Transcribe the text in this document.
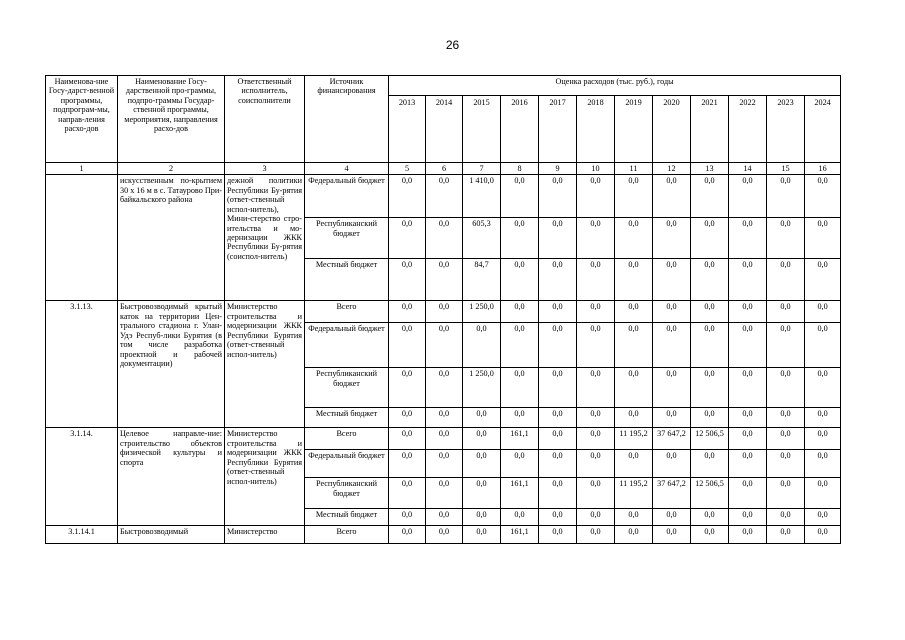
26
Наименова-ние Госу-дарст-венной программы, подпрограм-мы, направ-ления расхо-дов	Наименование Госу-дарственной про-граммы, подпро-граммы Государ-ственной программы, мероприятия, направления расхо-дов	Ответственный исполнитель, соисполнители	Источник финансирования	Оценка расходов (тыс. руб.), годы											
				2013	2014	2015	2016	2017	2018	2019	2020	2021	2022	2023	2024
1	2	3	4	5	6	7	8	9	10	11	12	13	14	15	16
	искусственным по-крытием 30 х 16 м в с. Татаурово При-байкальского района	дежной политики Республики Бу-рятия (ответ-ственный испол-нитель), Мини-стерство стро-ительства и мо-дернизации ЖКК Республики Бу-рятия (соиспол-нитель)	Федеральный бюджет	0,0	0,0	1 410,0	0,0	0,0	0,0	0,0	0,0	0,0	0,0	0,0	0,0
			Республиканский бюджет	0,0	0,0	605,3	0,0	0,0	0,0	0,0	0,0	0,0	0,0	0,0	0,0
			Местный бюджет	0,0	0,0	84,7	0,0	0,0	0,0	0,0	0,0	0,0	0,0	0,0	0,0
3.1.13.	Быстровозводимый крытый каток на территории Цен-трального стадиона г. Улан-Удэ Респуб-лики Бурятия (в том числе разработка проектной и рабочей документации)	Министерство строительства и модернизации ЖКК Республики Бурятия (ответ-ственный испол-нитель)	Всего	0,0	0,0	1 250,0	0,0	0,0	0,0	0,0	0,0	0,0	0,0	0,0	0,0
			Федеральный бюджет	0,0	0,0	0,0	0,0	0,0	0,0	0,0	0,0	0,0	0,0	0,0	0,0
			Республиканский бюджет	0,0	0,0	1 250,0	0,0	0,0	0,0	0,0	0,0	0,0	0,0	0,0	0,0
			Местный бюджет	0,0	0,0	0,0	0,0	0,0	0,0	0,0	0,0	0,0	0,0	0,0	0,0
3.1.14.	Целевое направле-ние: строительство объектов физической культуры и спорта	Министерство строительства и модернизации ЖКК Республики Бурятия (ответ-ственный испол-нитель)	Всего	0,0	0,0	0,0	161,1	0,0	0,0	11 195,2	37 647,2	12 506,5	0,0	0,0	0,0
			Федеральный бюджет	0,0	0,0	0,0	0,0	0,0	0,0	0,0	0,0	0,0	0,0	0,0	0,0
			Республиканский бюджет	0,0	0,0	0,0	161,1	0,0	0,0	11 195,2	37 647,2	12 506,5	0,0	0,0	0,0
			Местный бюджет	0,0	0,0	0,0	0,0	0,0	0,0	0,0	0,0	0,0	0,0	0,0	0,0
3.1.14.1	Быстровозводимый	Министерство	Всего	0,0	0,0	0,0	161,1	0,0	0,0	0,0	0,0	0,0	0,0	0,0	0,0
